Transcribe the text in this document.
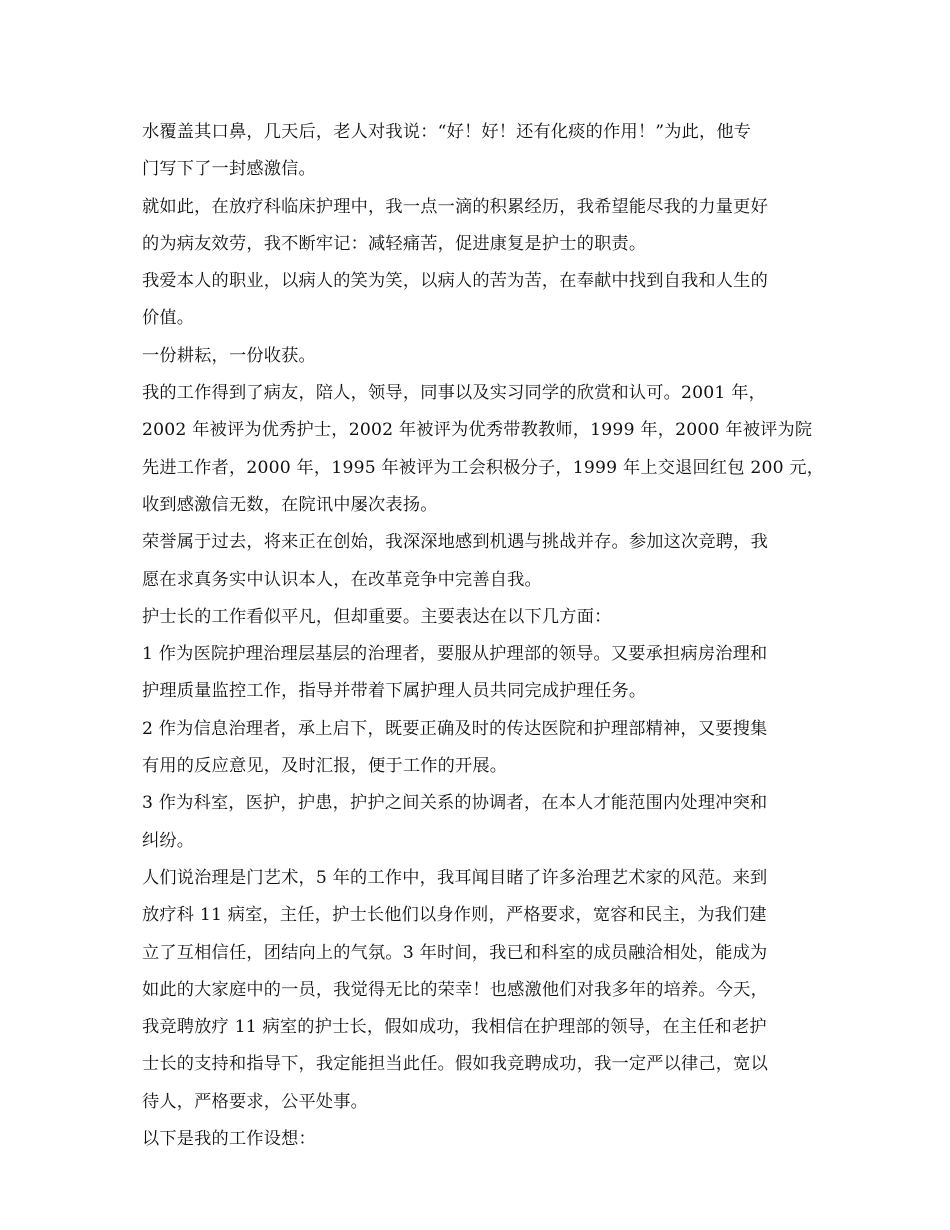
水覆盖其口鼻，几天后，老人对我说：“好！好！还有化痰的作用！”为此，他专
门写下了一封感激信。
就如此，在放疗科临床护理中，我一点一滴的积累经历，我希望能尽我的力量更好
的为病友效劳，我不断牢记：减轻痛苦，促进康复是护士的职责。
我爱本人的职业，以病人的笑为笑，以病人的苦为苦，在奉献中找到自我和人生的
价值。
一份耕耘，一份收获。
我的工作得到了病友，陪人，领导，同事以及实习同学的欣赏和认可。2001 年，
2002 年被评为优秀护士，2002 年被评为优秀带教教师，1999 年，2000 年被评为院
先进工作者，2000 年，1995 年被评为工会积极分子，1999 年上交退回红包 200 元，
收到感激信无数，在院讯中屡次表扬。
荣誉属于过去，将来正在创始，我深深地感到机遇与挑战并存。参加这次竞聘，我
愿在求真务实中认识本人，在改革竞争中完善自我。
护士长的工作看似平凡，但却重要。主要表达在以下几方面：
1 作为医院护理治理层基层的治理者，要服从护理部的领导。又要承担病房治理和
护理质量监控工作，指导并带着下属护理人员共同完成护理任务。
2 作为信息治理者，承上启下，既要正确及时的传达医院和护理部精神，又要搜集
有用的反应意见，及时汇报，便于工作的开展。
3 作为科室，医护，护患，护护之间关系的协调者，在本人才能范围内处理冲突和
纠纷。
人们说治理是门艺术，5 年的工作中，我耳闻目睹了许多治理艺术家的风范。来到
放疗科 11 病室，主任，护士长他们以身作则，严格要求，宽容和民主，为我们建
立了互相信任，团结向上的气氛。3 年时间，我已和科室的成员融洽相处，能成为
如此的大家庭中的一员，我觉得无比的荣幸！也感激他们对我多年的培养。今天，
我竞聘放疗 11 病室的护士长，假如成功，我相信在护理部的领导，在主任和老护
士长的支持和指导下，我定能担当此任。假如我竞聘成功，我一定严以律己，宽以
待人，严格要求，公平处事。
以下是我的工作设想：
